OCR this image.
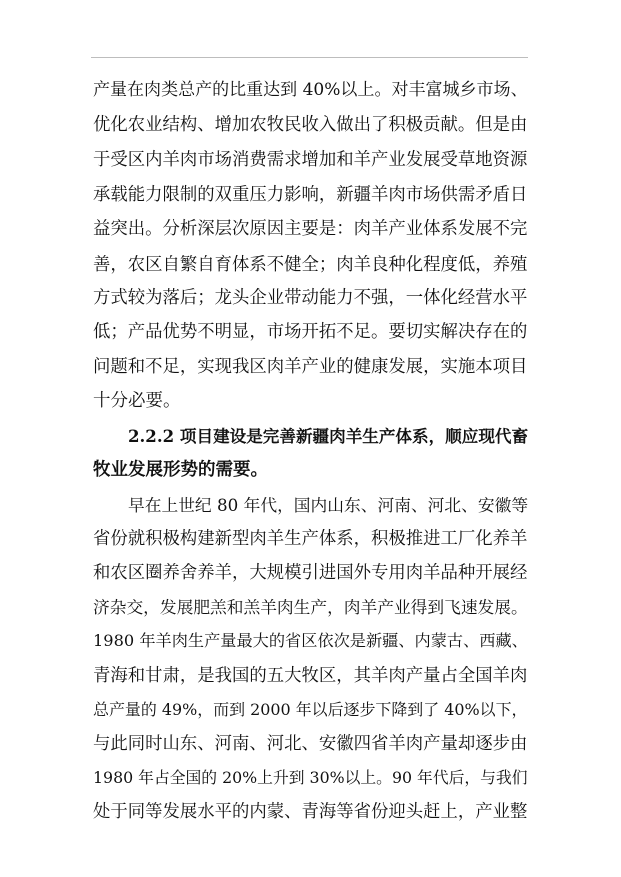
产量在肉类总产的比重达到 40%以上。对丰富城乡市场、
优化农业结构、增加农牧民收入做出了积极贡献。但是由
于受区内羊肉市场消费需求增加和羊产业发展受草地资源
承载能力限制的双重压力影响，新疆羊肉市场供需矛盾日
益突出。分析深层次原因主要是：肉羊产业体系发展不完
善，农区自繁自育体系不健全；肉羊良种化程度低，养殖
方式较为落后；龙头企业带动能力不强，一体化经营水平
低；产品优势不明显，市场开拓不足。要切实解决存在的
问题和不足，实现我区肉羊产业的健康发展，实施本项目
十分必要。
2.2.2 项目建设是完善新疆肉羊生产体系，顺应现代畜
牧业发展形势的需要。
早在上世纪 80 年代，国内山东、河南、河北、安徽等
省份就积极构建新型肉羊生产体系，积极推进工厂化养羊
和农区圈养舍养羊，大规模引进国外专用肉羊品种开展经
济杂交，发展肥羔和羔羊肉生产，肉羊产业得到飞速发展。
1980 年羊肉生产量最大的省区依次是新疆、内蒙古、西藏、
青海和甘肃，是我国的五大牧区，其羊肉产量占全国羊肉
总产量的 49%，而到 2000 年以后逐步下降到了 40%以下，
与此同时山东、河南、河北、安徽四省羊肉产量却逐步由
1980 年占全国的 20%上升到 30%以上。90 年代后，与我们
处于同等发展水平的内蒙、青海等省份迎头赶上，产业整
